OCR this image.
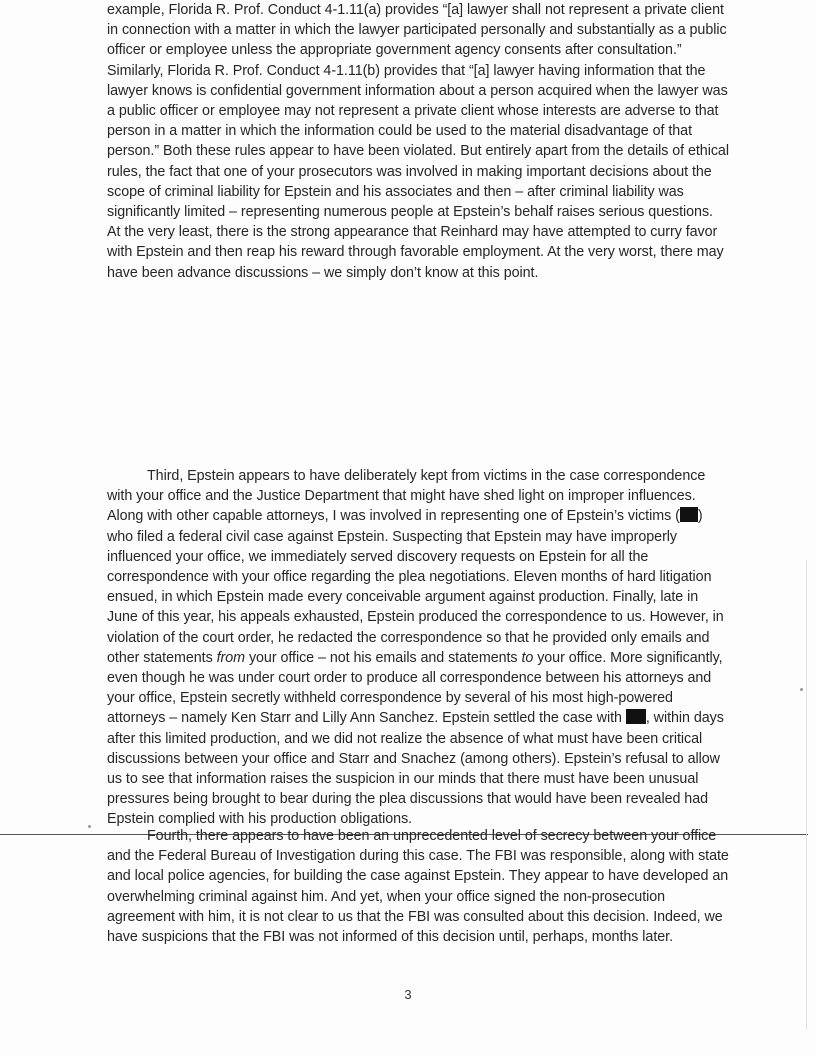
example, Florida R. Prof. Conduct 4-1.11(a) provides “[a] lawyer shall not represent a private client in connection with a matter in which the lawyer participated personally and substantially as a public officer or employee unless the appropriate government agency consents after consultation.” Similarly, Florida R. Prof. Conduct 4-1.11(b) provides that “[a] lawyer having information that the lawyer knows is confidential government information about a person acquired when the lawyer was a public officer or employee may not represent a private client whose interests are adverse to that person in a matter in which the information could be used to the material disadvantage of that person.” Both these rules appear to have been violated. But entirely apart from the details of ethical rules, the fact that one of your prosecutors was involved in making important decisions about the scope of criminal liability for Epstein and his associates and then – after criminal liability was significantly limited – representing numerous people at Epstein’s behalf raises serious questions. At the very least, there is the strong appearance that Reinhard may have attempted to curry favor with Epstein and then reap his reward through favorable employment. At the very worst, there may have been advance discussions – we simply don’t know at this point.

Third, Epstein appears to have deliberately kept from victims in the case correspondence with your office and the Justice Department that might have shed light on improper influences. Along with other capable attorneys, I was involved in representing one of Epstein’s victims ( ) who filed a federal civil case against Epstein. Suspecting that Epstein may have improperly influenced your office, we immediately served discovery requests on Epstein for all the correspondence with your office regarding the plea negotiations. Eleven months of hard litigation ensued, in which Epstein made every conceivable argument against production. Finally, late in June of this year, his appeals exhausted, Epstein produced the correspondence to us. However, in violation of the court order, he redacted the correspondence so that he provided only emails and other statements from your office – not his emails and statements to your office. More significantly, even though he was under court order to produce all correspondence between his attorneys and your office, Epstein secretly withheld correspondence by several of his most high-powered attorneys – namely Ken Starr and Lilly Ann Sanchez. Epstein settled the case with , within days after this limited production, and we did not realize the absence of what must have been critical discussions between your office and Starr and Snachez (among others). Epstein’s refusal to allow us to see that information raises the suspicion in our minds that there must have been unusual pressures being brought to bear during the plea discussions that would have been revealed had Epstein complied with his production obligations.

Fourth, there appears to have been an unprecedented level of secrecy between your office and the Federal Bureau of Investigation during this case. The FBI was responsible, along with state and local police agencies, for building the case against Epstein. They appear to have developed an overwhelming criminal against him. And yet, when your office signed the non-prosecution agreement with him, it is not clear to us that the FBI was consulted about this decision. Indeed, we have suspicions that the FBI was not informed of this decision until, perhaps, months later.

3
